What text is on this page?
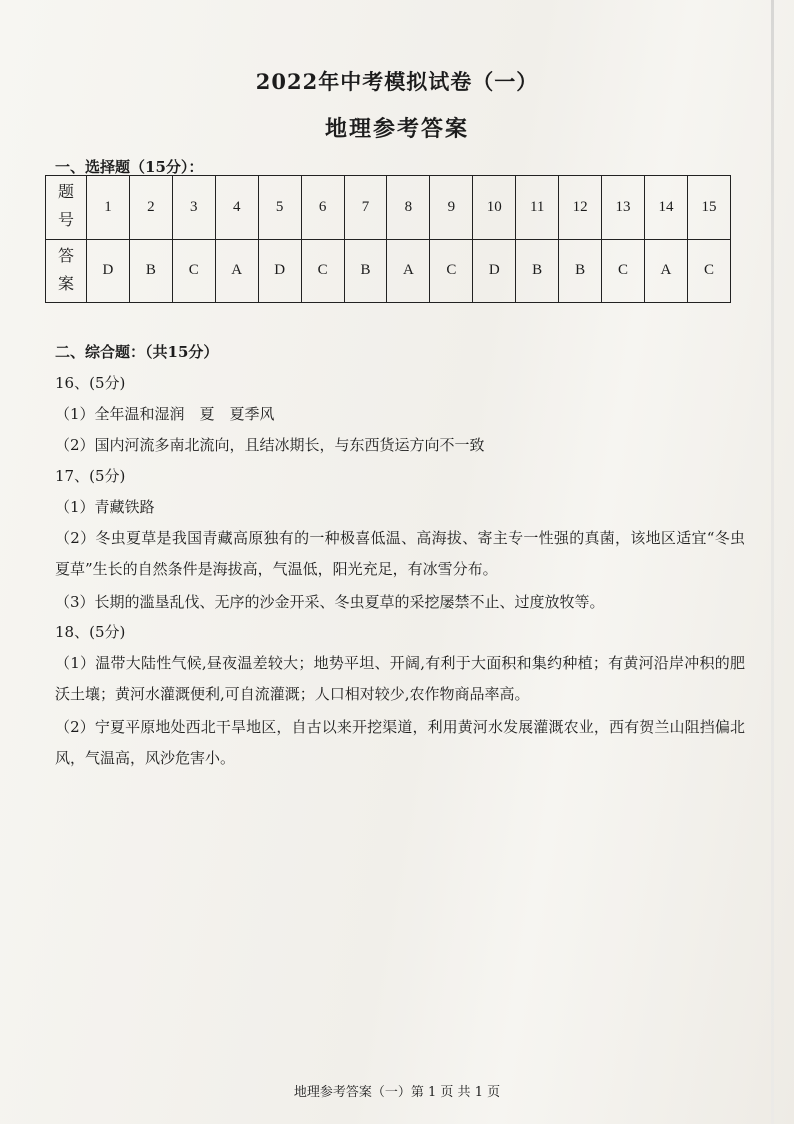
2022年中考模拟试卷（一）
地理参考答案
一、选择题（15分）：
题
号	1	2	3	4	5	6	7	8	9	10	11	12	13	14	15
答
案	D	B	C	A	D	C	B	A	C	D	B	B	C	A	C
二、综合题：（共15分）
16、(5分)
（1）全年温和湿润　夏　夏季风
（2）国内河流多南北流向，且结冰期长，与东西货运方向不一致
17、(5分)
（1）青藏铁路
（2）冬虫夏草是我国青藏高原独有的一种极喜低温、高海拔、寄主专一性强的真菌，该地区适宜“冬虫夏草”生长的自然条件是海拔高，气温低，阳光充足，有冰雪分布。
（3）长期的滥垦乱伐、无序的沙金开采、冬虫夏草的采挖屡禁不止、过度放牧等。
18、(5分)
（1）温带大陆性气候,昼夜温差较大；地势平坦、开阔,有利于大面积和集约种植；有黄河沿岸冲积的肥沃土壤；黄河水灌溉便利,可自流灌溉；人口相对较少,农作物商品率高。
（2）宁夏平原地处西北干旱地区，自古以来开挖渠道，利用黄河水发展灌溉农业，西有贺兰山阻挡偏北风，气温高，风沙危害小。
地理参考答案（一）第 1 页 共 1 页
